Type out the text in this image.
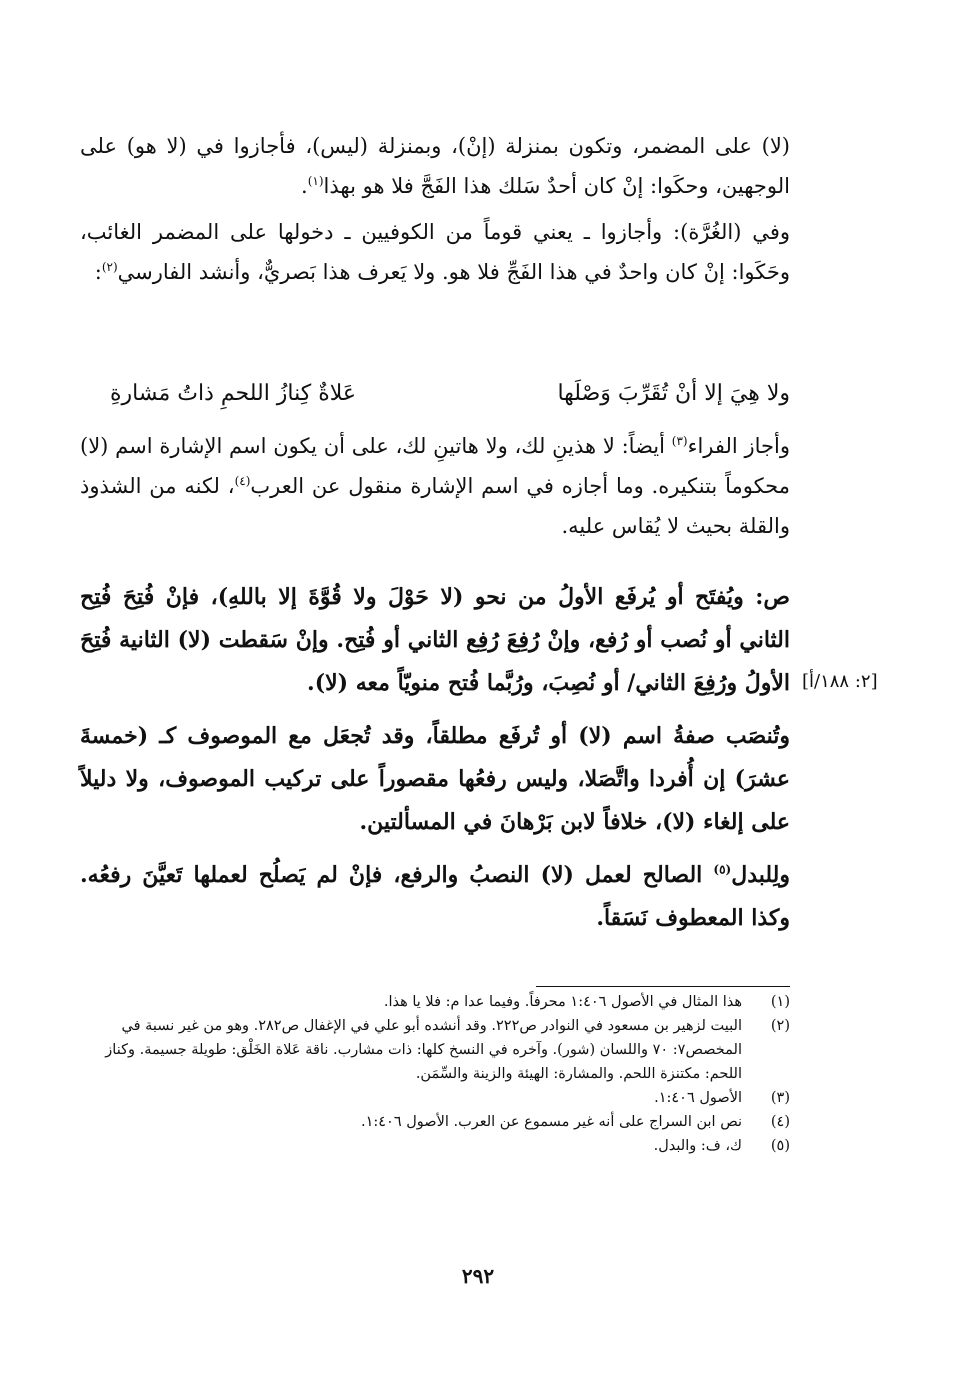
(لا) على المضمر، وتكون بمنزلة (إنْ)، وبمنزلة (ليس)، فأجازوا في (لا هو) على الوجهين، وحكَوا: إنْ كان أحدٌ سَلك هذا الفَجَّ فلا هو بهذا$^{(١)}$.

وفي (الغُرَّة): وأجازوا ـ يعني قوماً من الكوفيين ـ دخولها على المضمر الغائب، وحَكَوا: إنْ كان واحدٌ في هذا الفَجِّ فلا هو. ولا يَعرف هذا بَصريٌّ، وأنشد الفارسي$^{(٢)}$:

ولا هِيَ إلا أنْ تُقَرِّبَ وَصْلَها
عَلاةٌ كِنازُ اللحمِ ذاتُ مَشارةِ

وأجاز الفراء$^{(٣)}$ أيضاً: لا هذينِ لك، ولا هاتينِ لك، على أن يكون اسم الإشارة اسم (لا) محكوماً بتنكيره. وما أجازه في اسم الإشارة منقول عن العرب$^{(٤)}$، لكنه من الشذوذ والقلة بحيث لا يُقاس عليه.

ص: ويُفتَح أو يُرفَع الأولُ من نحو (لا حَوْلَ ولا قُوَّةَ إلا باللهِ)، فإنْ فُتِحَ فُتِح الثاني أو نُصب أو رُفع، وإنْ رُفِعَ رُفِع الثاني أو فُتِح. وإنْ سَقطت (لا) الثانية فُتِحَ الأولُ ورُفِعَ الثاني/ أو نُصِبَ، ورُبَّما فُتح منويّاً معه (لا).

وتُنصَب صفةُ اسم (لا) أو تُرفَع مطلقاً، وقد تُجعَل مع الموصوف كـ (خمسةَ عشرَ) إن أُفردا واتَّصَلا، وليس رفعُها مقصوراً على تركيب الموصوف، ولا دليلاً على إلغاء (لا)، خلافاً لابن بَرْهانَ في المسألتين.

ولِلبدل$^{(٥)}$ الصالح لعمل (لا) النصبُ والرفع، فإنْ لم يَصلُح لعملها تَعيَّنَ رفعُه. وكذا المعطوف نَسَقاً.

[٢: ١٨٨/أ]

(١)
هذا المثال في الأصول ١:٤٠٦ محرفاً. وفيما عدا م: فلا يا هذا.

(٢)
البيت لزهير بن مسعود في النوادر ص٢٢٢. وقد أنشده أبو علي في الإغفال ص٢٨٢. وهو من غير نسبة في المخصص٧: ٧٠ واللسان (شور). وآخره في النسخ كلها: ذات مشارب. ناقة عَلاة الخَلْق: طويلة جسيمة. وكناز اللحم: مكتنزة اللحم. والمشارة: الهيئة والزينة والسِّمَن.

(٣)
الأصول ١:٤٠٦.

(٤)
نص ابن السراج على أنه غير مسموع عن العرب. الأصول ١:٤٠٦.

(٥)
ك، ف: والبدل.

٢٩٢
